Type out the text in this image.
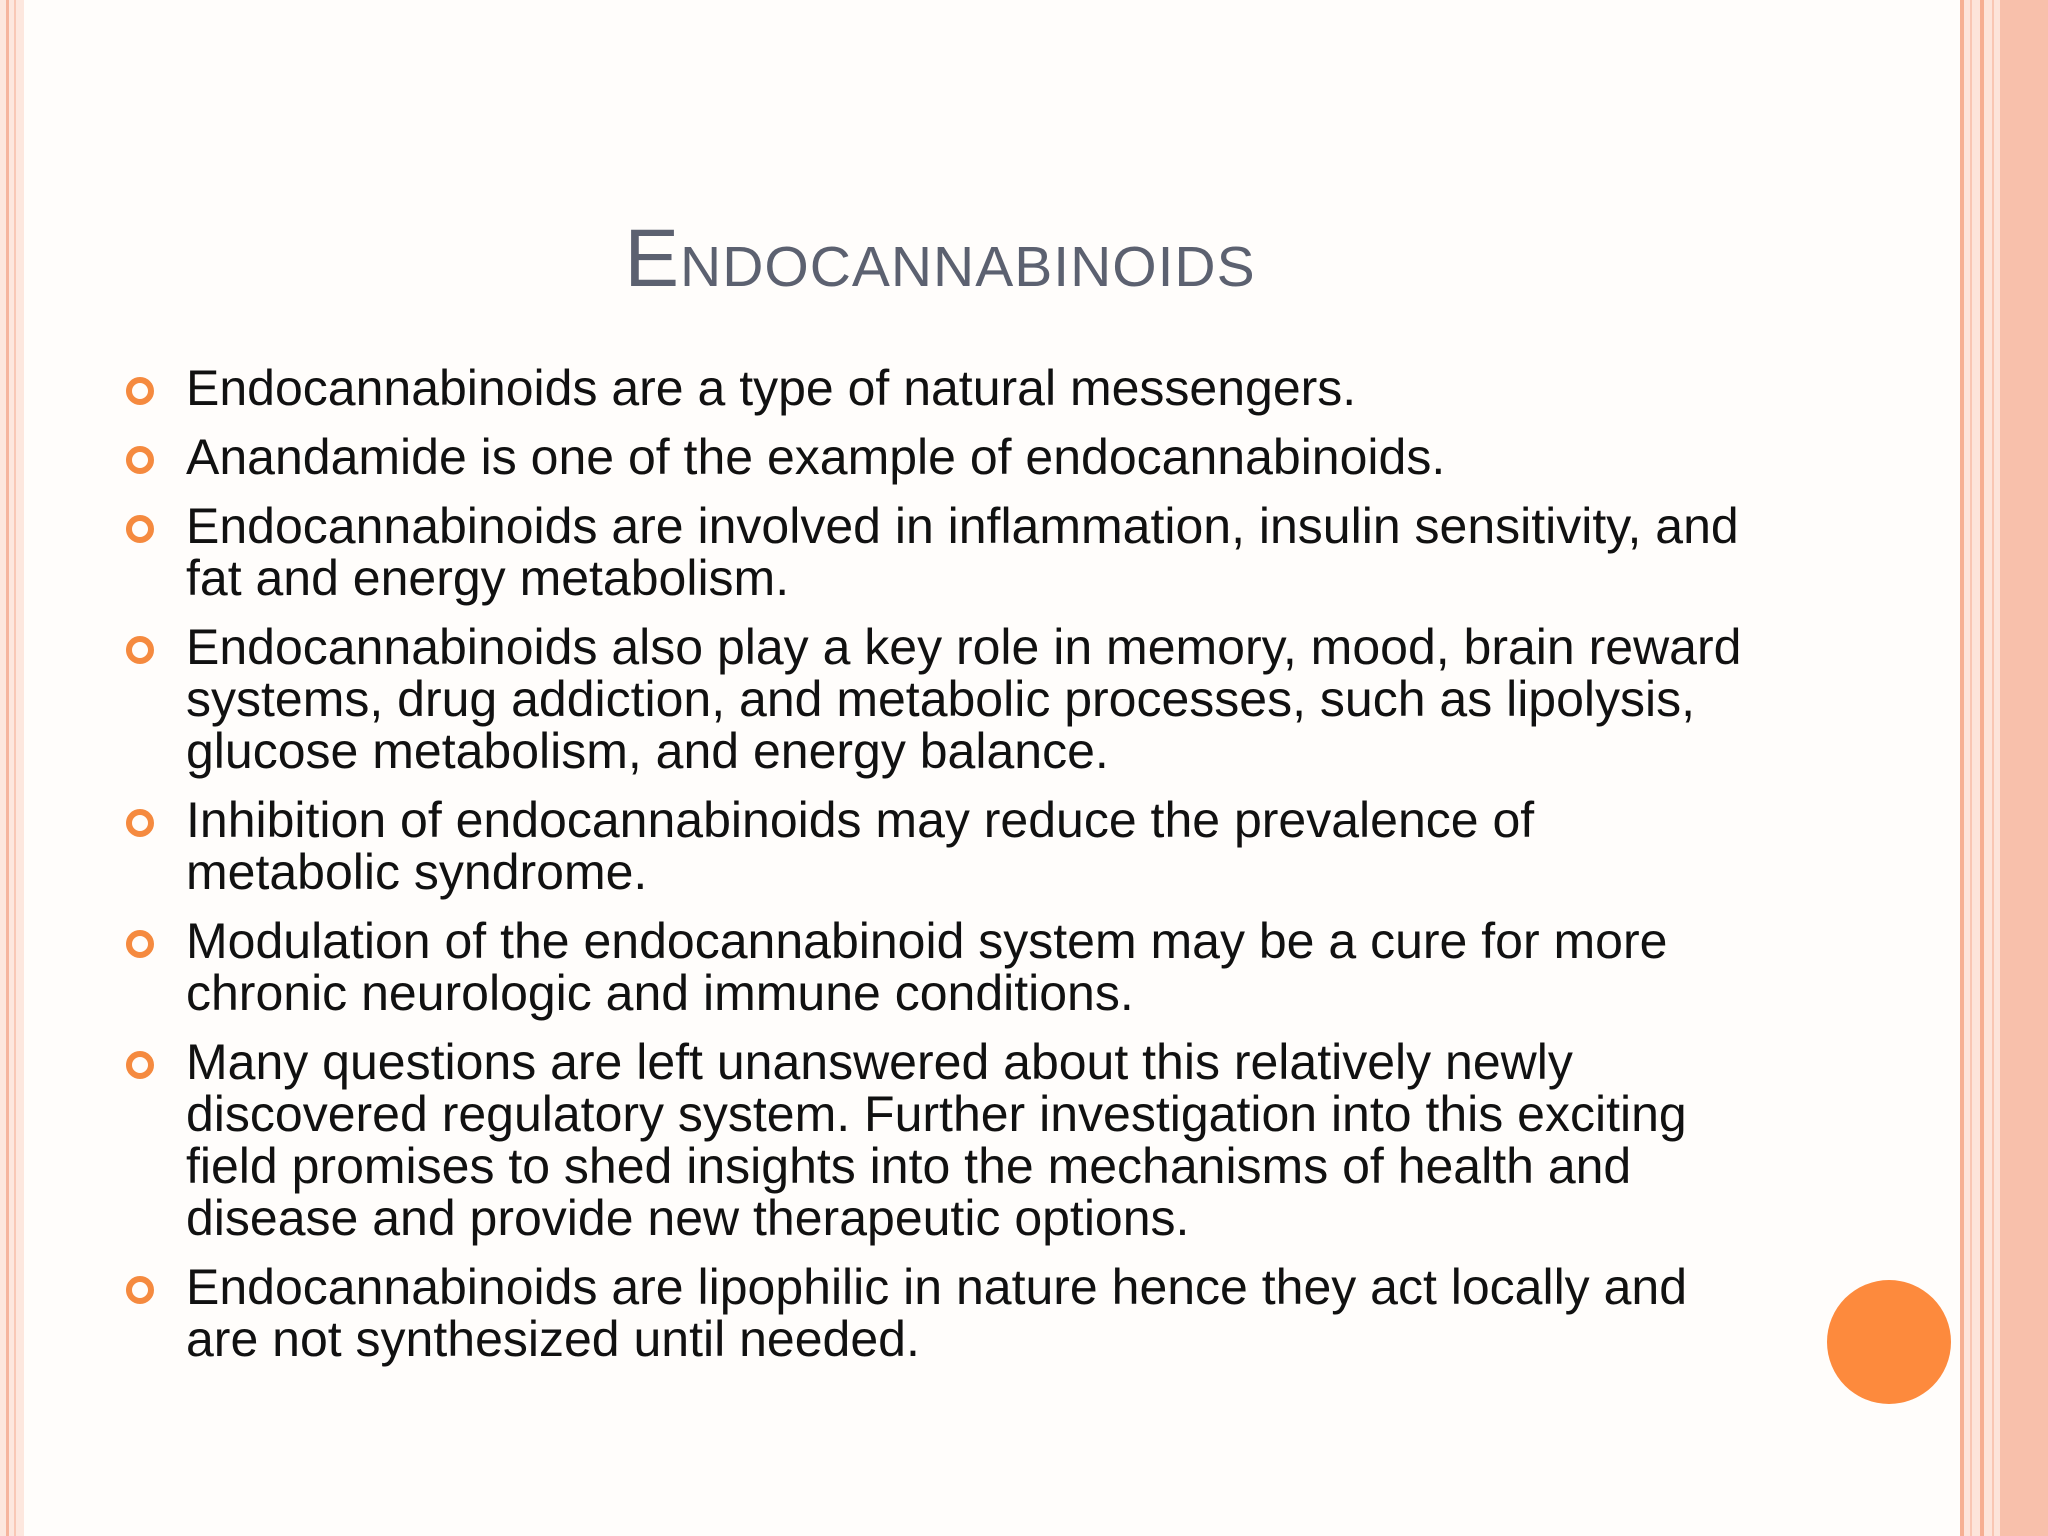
Endocannabinoids
Endocannabinoids are a type of natural messengers.
Anandamide is one of the example of endocannabinoids.
Endocannabinoids are involved in inflammation, insulin sensitivity, and fat and energy metabolism.
Endocannabinoids also play a key role in memory, mood, brain reward systems, drug addiction, and metabolic processes, such as lipolysis, glucose metabolism, and energy balance.
Inhibition of endocannabinoids may reduce the prevalence of metabolic syndrome.
Modulation of the endocannabinoid system may be a cure for more chronic neurologic and immune conditions.
Many questions are left unanswered about this relatively newly discovered regulatory system. Further investigation into this exciting field promises to shed insights into the mechanisms of health and disease and provide new therapeutic options.
Endocannabinoids are lipophilic in nature hence they act locally and are not synthesized until needed.
